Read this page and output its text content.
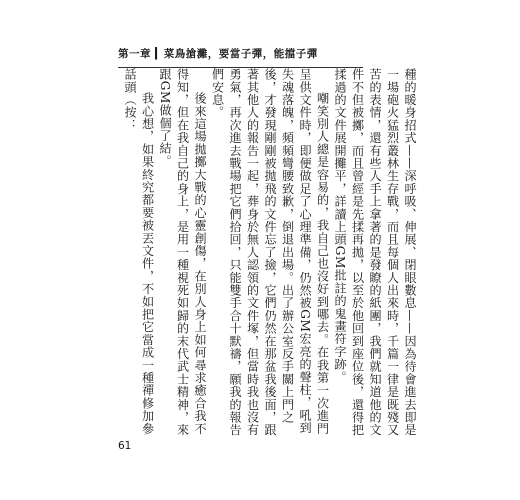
第一章 ▎菜鳥搶灘，要當子彈，能擋子彈

種的暖身招式——深呼吸、伸展、閉眼數息——因為待會進去即是一場砲火猛烈叢林生存戰，而且每個人出來時，千篇一律是既殘又苦的表情，還有些人手上拿著的是發瞭的紙團，我們就知道他的文件不但被擲，而且曾經是先揉再拋，以至於他回到座位後，還得把揉過的文件展開攤平，詳讀上頭GM批註的鬼畫符字跡。

嘲笑別人總是容易的，我自己也沒好到哪去。在我第一次進門呈供文件時，即便做足了心理準備，仍然被GM宏亮的聲柱，吼到失魂落魄，頻頻彎腰致歉，倒退出場。出了辦公室反手關上門之後，才發現剛剛被拋飛的文件忘了撿，它們仍然在那盆我後面，跟著其他人的報告一起，葬身於無人認領的文件塚，但當時我也沒有勇氣，再次進去戰場把它們拾回，只能雙手合十默禱，願我的報告們安息。

後來這場拋擲大戰的心靈創傷，在別人身上如何尋求癒合我不得知，但在我自己的身上，是用一種視死如歸的末代武士精神，來跟GM做個了結。

我心想，如果終究都要被丟文件，不如把它當成一種禪修加參話頭（按：

61
